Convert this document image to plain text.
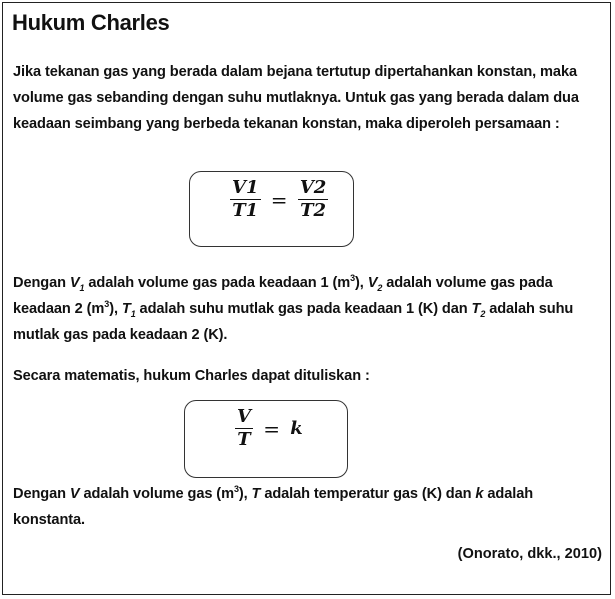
Hukum Charles

Jika tekanan gas yang berada dalam bejana tertutup dipertahankan konstan, maka volume gas sebanding dengan suhu mutlaknya. Untuk gas yang berada dalam dua keadaan seimbang yang berbeda tekanan konstan, maka diperoleh persamaan :

$\frac{V1}{T1} = \frac{V2}{T2}$

Dengan $V_1$ adalah volume gas pada keadaan 1 $(m^3)$, $V_2$ adalah volume gas pada keadaan 2 $(m^3)$, $T_1$ adalah suhu mutlak gas pada keadaan 1 (K) dan $T_2$ adalah suhu mutlak gas pada keadaan 2 (K).

Secara matematis, hukum Charles dapat dituliskan :

$\frac{V}{T} = k$

Dengan V adalah volume gas $(m^3)$, T adalah temperatur gas (K) dan k adalah konstanta.

(Onorato, dkk., 2010)
